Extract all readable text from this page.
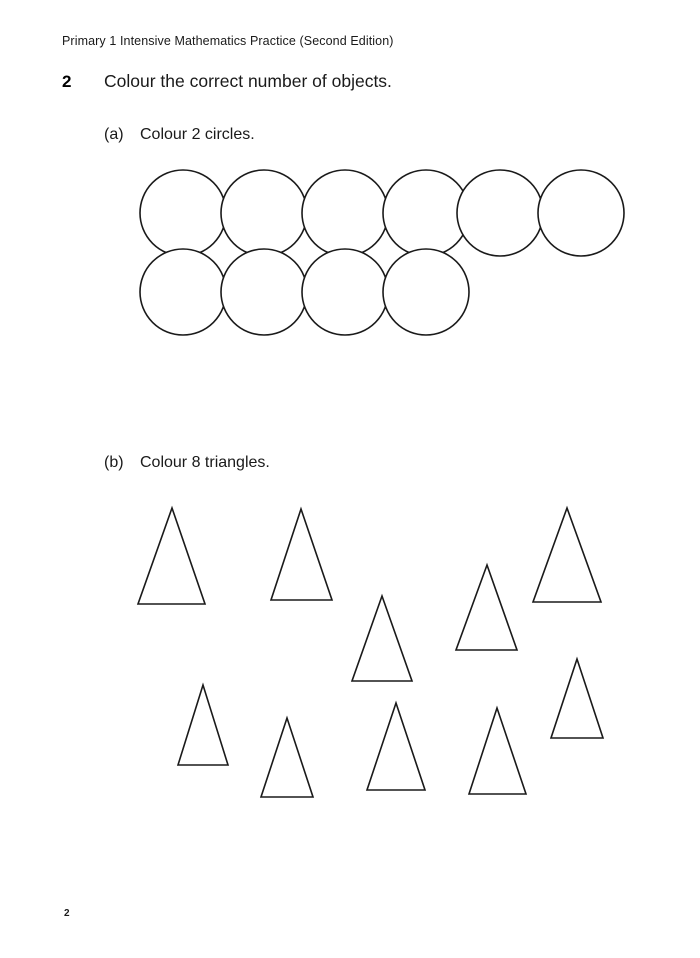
Primary 1 Intensive Mathematics Practice (Second Edition)
2 Colour the correct number of objects.
(a) Colour 2 circles.
(b) Colour 8 triangles.
2
